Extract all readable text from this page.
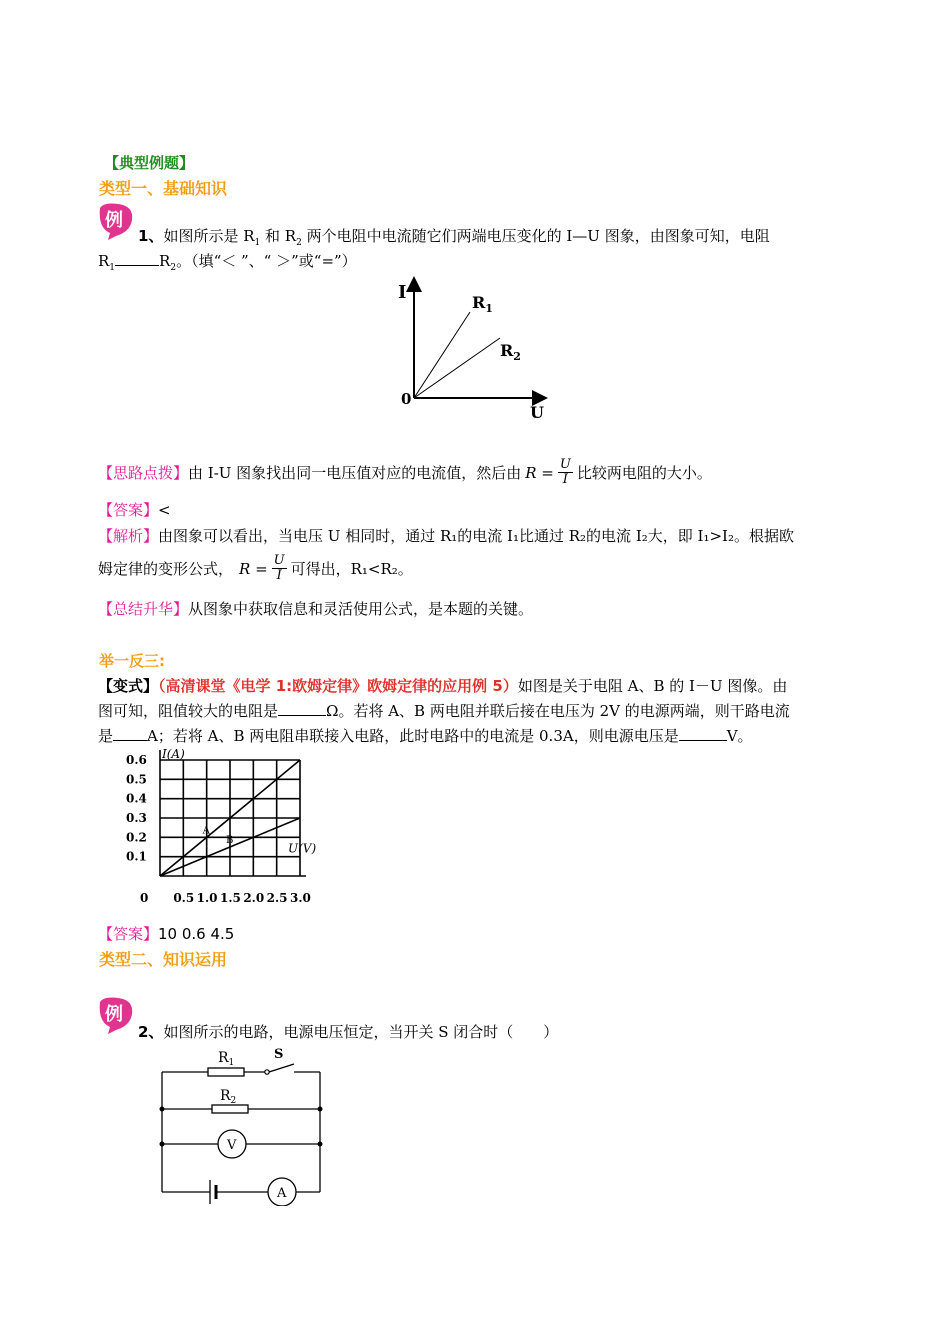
【典型例题】
类型一、基础知识
例
1、如图所示是 $R_1$ 和 $R_2$ 两个电阻中电流随它们两端电压变化的 I—U 图象，由图象可知，电阻
$R_1$	$R_2$。（填“＜ ”、“ ＞”或“=”）
I
U
0
$R_1$
$R_2$
【思路点拨】 由 I-U 图象找出同一电压值对应的电流值，然后由 $R = \frac{U}{I}$ 比较两电阻的大小。
【答案】<
【解析】由图象可以看出，当电压 U 相同时，通过 R₁的电流 I₁比通过 R₂的电流 I₂大，即 I₁>I₂。根据欧
姆定律的变形公式， $R = \frac{U}{I}$ 可得出，R₁<R₂。
【总结升华】从图象中获取信息和灵活使用公式，是本题的关键。
举一反三:
【变式】（高清课堂《电学 1:欧姆定律》欧姆定律的应用例 5）如图是关于电阻 A、B 的 I－U 图像。由
图可知，阻值较大的电阻是	Ω。若将 A、B 两电阻并联后接在电压为 2V 的电源两端，则干路电流
是 A；若将 A、B 两电阻串联接入电路，此时电路中的电流是 0.3A，则电源电压是	V。
0.5 1.0 1.5 2.0 2.5 3.0
0.6
0.5
0.4
0.3
0.2
0.1
0
I(A)
U(V)
A
B
【答案】10 0.6 4.5
类型二、知识运用
例
2、如图所示的电路，电源电压恒定，当开关 S 闭合时（　　）
$R_1$
$R_2$
S
V
A
